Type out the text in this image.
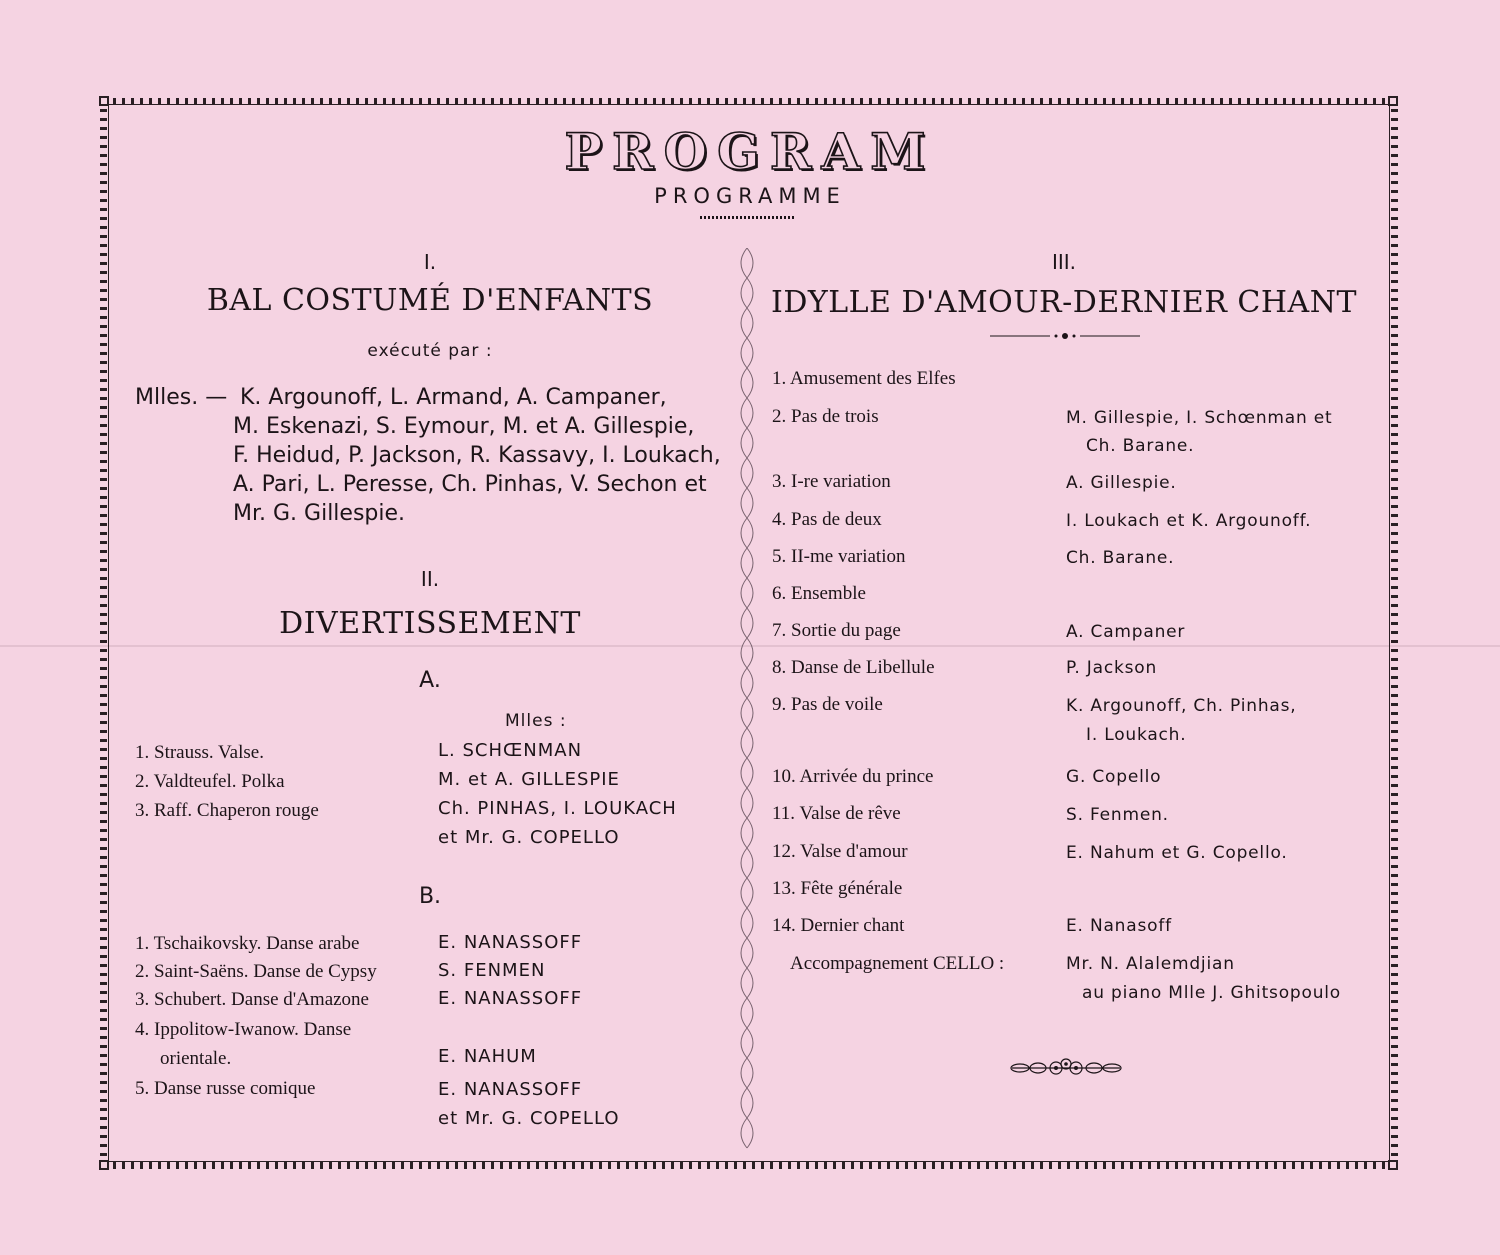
PROGRAM
PROGRAMME
I.
BAL COSTUMÉ D'ENFANTS
exécuté par :
Mlles. — K. Argounoff, L. Armand, A. Campaner,
M. Eskenazi, S. Eymour, M. et A. Gillespie,
F. Heidud, P. Jackson, R. Kassavy, I. Loukach,
A. Pari, L. Peresse, Ch. Pinhas, V. Sechon et
Mr. G. Gillespie.
II.
DIVERTISSEMENT
A.
Mlles :
1. Strauss. Valse.	L. SCHŒNMAN
2. Valdteufel. Polka	M. et A. GILLESPIE
3. Raff. Chaperon rouge	Ch. PINHAS, I. LOUKACH
et Mr. G. COPELLO
B.
1. Tschaikovsky. Danse arabe	E. NANASSOFF
2. Saint-Saëns. Danse de Cypsy	S. FENMEN
3. Schubert. Danse d'Amazone	E. NANASSOFF
4. Ippolitow-Iwanow. Danse
orientale.	E. NAHUM
5. Danse russe comique	E. NANASSOFF
et Mr. G. COPELLO
III.
IDYLLE D'AMOUR-DERNIER CHANT
1. Amusement des Elfes
2. Pas de trois	M. Gillespie, I. Schœnman et
Ch. Barane.
3. I-re variation	A. Gillespie.
4. Pas de deux	I. Loukach et K. Argounoff.
5. II-me variation	Ch. Barane.
6. Ensemble
7. Sortie du page	A. Campaner
8. Danse de Libellule	P. Jackson
9. Pas de voile	K. Argounoff, Ch. Pinhas,
I. Loukach.
10. Arrivée du prince	G. Copello
11. Valse de rêve	S. Fenmen.
12. Valse d'amour	E. Nahum et G. Copello.
13. Fête générale
14. Dernier chant	E. Nanasoff
Accompagnement CELLO :	Mr. N. Alalemdjian
au piano Mlle J. Ghitsopoulo
